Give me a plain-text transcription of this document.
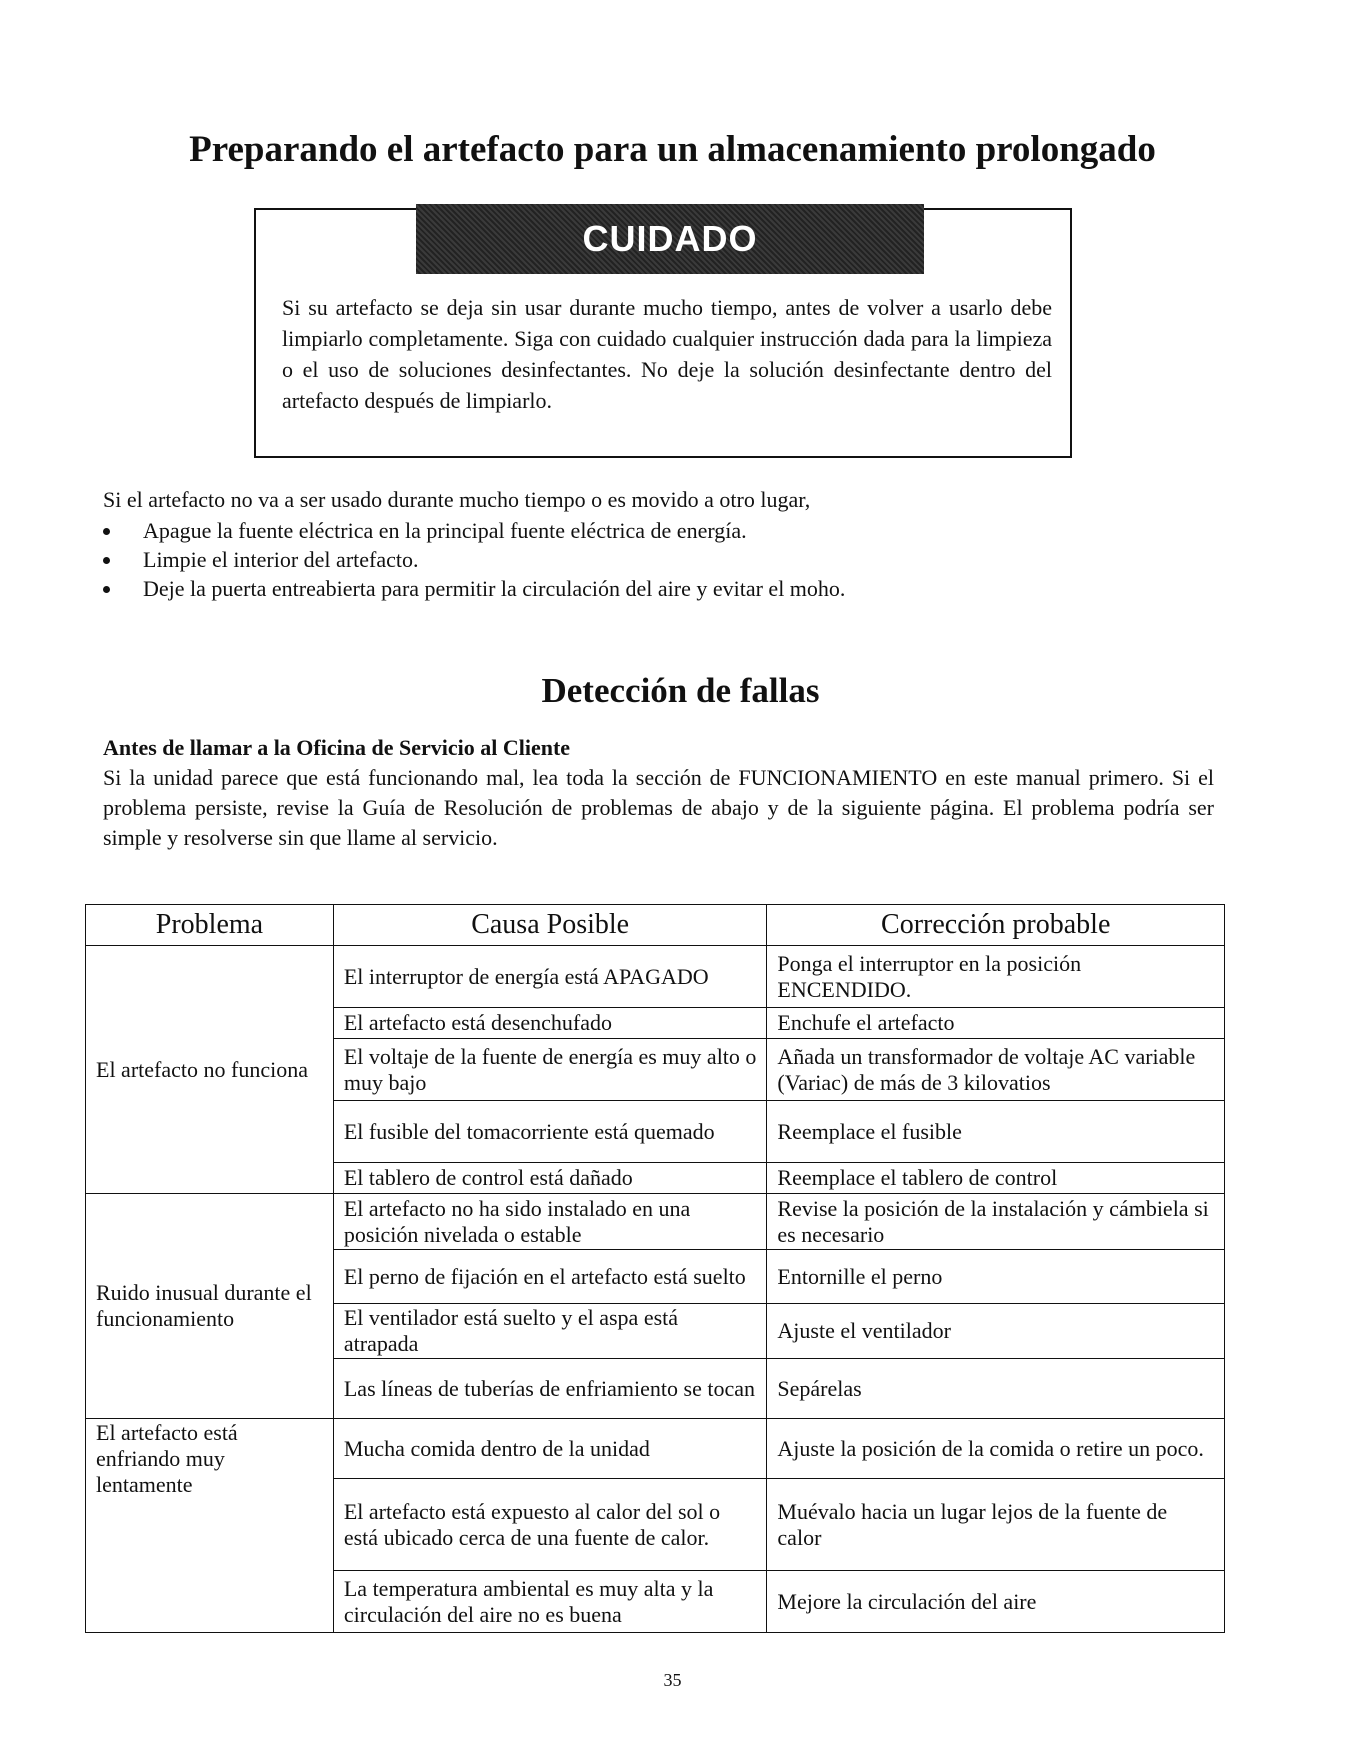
Preparando el artefacto para un almacenamiento prolongado
CUIDADO
Si su artefacto se deja sin usar durante mucho tiempo, antes de volver a usarlo debe limpiarlo completamente. Siga con cuidado cualquier instrucción dada para la limpieza o el uso de soluciones desinfectantes. No deje la solución desinfectante dentro del artefacto después de limpiarlo.
Si el artefacto no va a ser usado durante mucho tiempo o es movido a otro lugar,
Apague la fuente eléctrica en la principal fuente eléctrica de energía.
Limpie el interior del artefacto.
Deje la puerta entreabierta para permitir la circulación del aire y evitar el moho.
Detección de fallas
Antes de llamar a la Oficina de Servicio al Cliente
Si la unidad parece que está funcionando mal, lea toda la sección de FUNCIONAMIENTO en este manual primero. Si el problema persiste, revise la Guía de Resolución de problemas de abajo y de la siguiente página. El problema podría ser simple y resolverse sin que llame al servicio.
Problema	Causa Posible	Corrección probable
El artefacto no funciona	El interruptor de energía está APAGADO	Ponga el interruptor en la posición ENCENDIDO.
	El artefacto está desenchufado	Enchufe el artefacto
	El voltaje de la fuente de energía es muy alto o muy bajo	Añada un transformador de voltaje AC variable (Variac) de más de 3 kilovatios
	El fusible del tomacorriente está quemado	Reemplace el fusible
	El tablero de control está dañado	Reemplace el tablero de control
Ruido inusual durante el funcionamiento	El artefacto no ha sido instalado en una posición nivelada o estable	Revise la posición de la instalación y cámbiela si es necesario
	El perno de fijación en el artefacto está suelto	Entornille el perno
	El ventilador está suelto y el aspa está atrapada	Ajuste el ventilador
	Las líneas de tuberías de enfriamiento se tocan	Sepárelas
El artefacto está enfriando muy lentamente	Mucha comida dentro de la unidad	Ajuste la posición de la comida o retire un poco.
	El artefacto está expuesto al calor del sol o está ubicado cerca de una fuente de calor.	Muévalo hacia un lugar lejos de la fuente de calor
	La temperatura ambiental es muy alta y la circulación del aire no es buena	Mejore la circulación del aire
35
